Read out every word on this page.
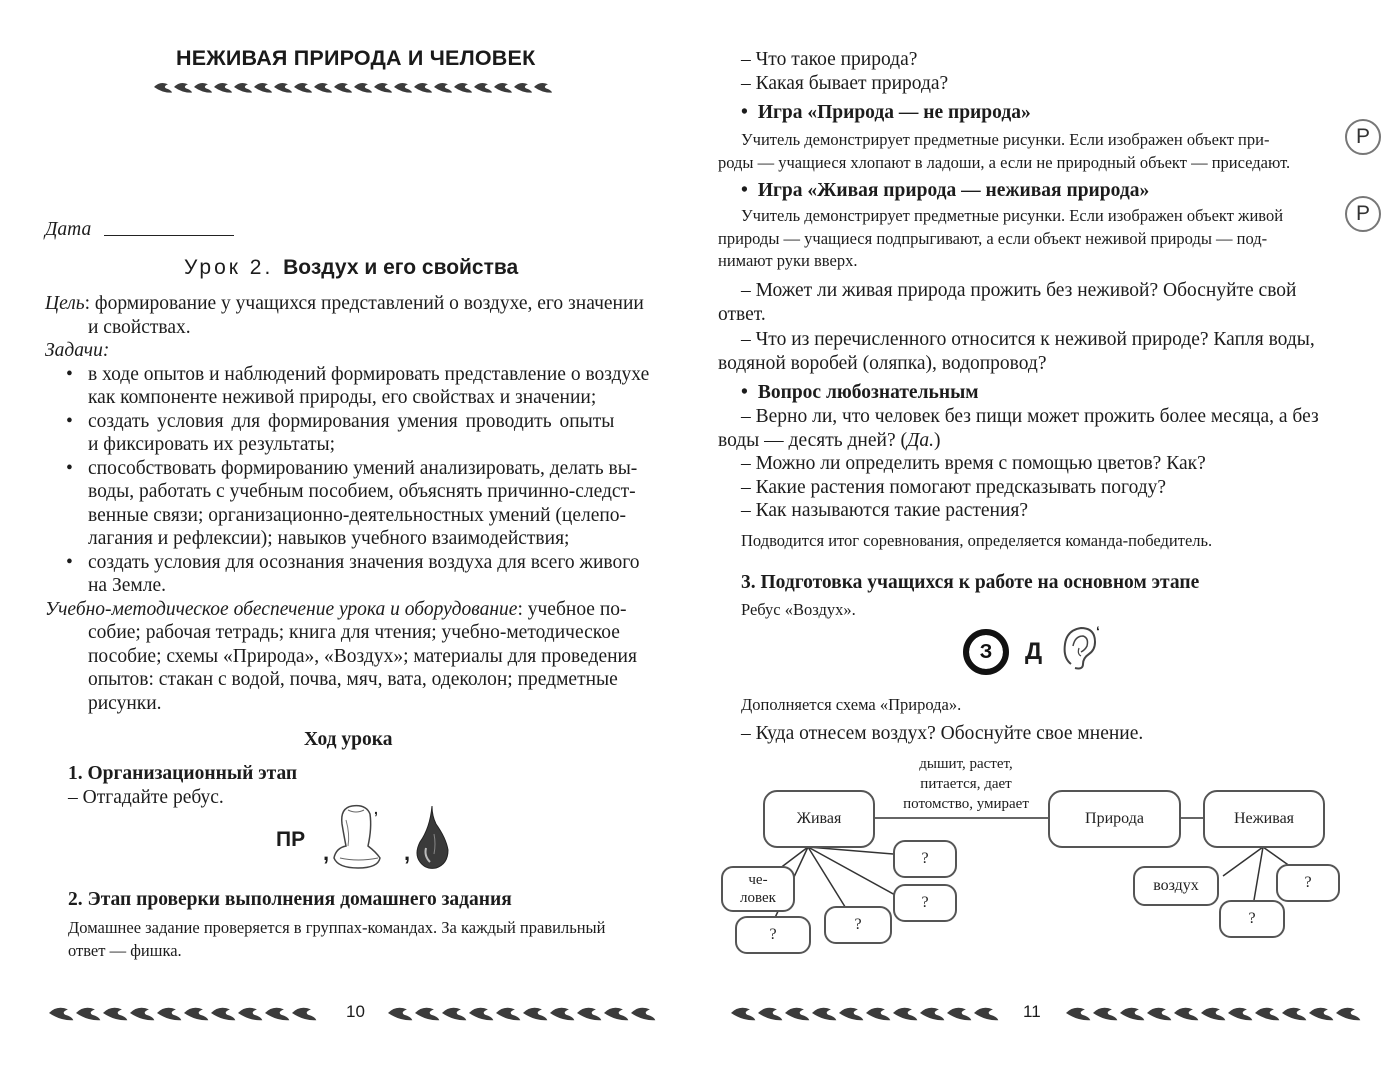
НЕЖИВАЯ ПРИРОДА И ЧЕЛОВЕК
Дата
Урок 2. Воздух и его свойства
Цель: формирование у учащихся представлений о воздухе, его значении
и свойствах.
Задачи:
• в ходе опытов и наблюдений формировать представление о воздухе
как компоненте неживой природы, его свойствах и значении;
• создать условия для формирования умения проводить опыты
и фиксировать их результаты;
• способствовать формированию умений анализировать, делать вы-
воды, работать с учебным пособием, объяснять причинно-следст-
венные связи; организационно-деятельностных умений (целепо-
лагания и рефлексии); навыков учебного взаимодействия;
• создать условия для осознания значения воздуха для всего живого
на Земле.
Учебно-методическое обеспечение урока и оборудование: учебное по-
собие; рабочая тетрадь; книга для чтения; учебно-методическое
пособие; схемы «Природа», «Воздух»; материалы для проведения
опытов: стакан с водой, почва, мяч, вата, одеколон; предметные
рисунки.
Ход урока
1. Организационный этап
– Отгадайте ребус.
ПР
,
,
,
2. Этап проверки выполнения домашнего задания
Домашнее задание проверяется в группах-командах. За каждый правильный
ответ — фишка.
10
– Что такое природа?
– Какая бывает природа?
• Игра «Природа — не природа»
Учитель демонстрирует предметные рисунки. Если изображен объект при-
роды — учащиеся хлопают в ладоши, а если не природный объект — приседают.
• Игра «Живая природа — неживая природа»
Учитель демонстрирует предметные рисунки. Если изображен объект живой
природы — учащиеся подпрыгивают, а если объект неживой природы — под-
нимают руки вверх.
– Может ли живая природа прожить без неживой? Обоснуйте свой
ответ.
– Что из перечисленного относится к неживой природе? Капля воды,
водяной воробей (оляпка), водопровод?
• Вопрос любознательным
– Верно ли, что человек без пищи может прожить более месяца, а без
воды — десять дней? (Да.)
– Можно ли определить время с помощью цветов? Как?
– Какие растения помогают предсказывать погоду?
– Как называются такие растения?
Подводится итог соревнования, определяется команда-победитель.
3. Подготовка учащихся к работе на основном этапе
Ребус «Воздух».
З	Д
‘
Дополняется схема «Природа».
– Куда отнесем воздух? Обоснуйте свое мнение.
дышит, растет,
питается, дает
потомство, умирает
Живая	Природа	Неживая
че-
ловек
?
?
?
?
воздух	?
?
Р
Р
11
